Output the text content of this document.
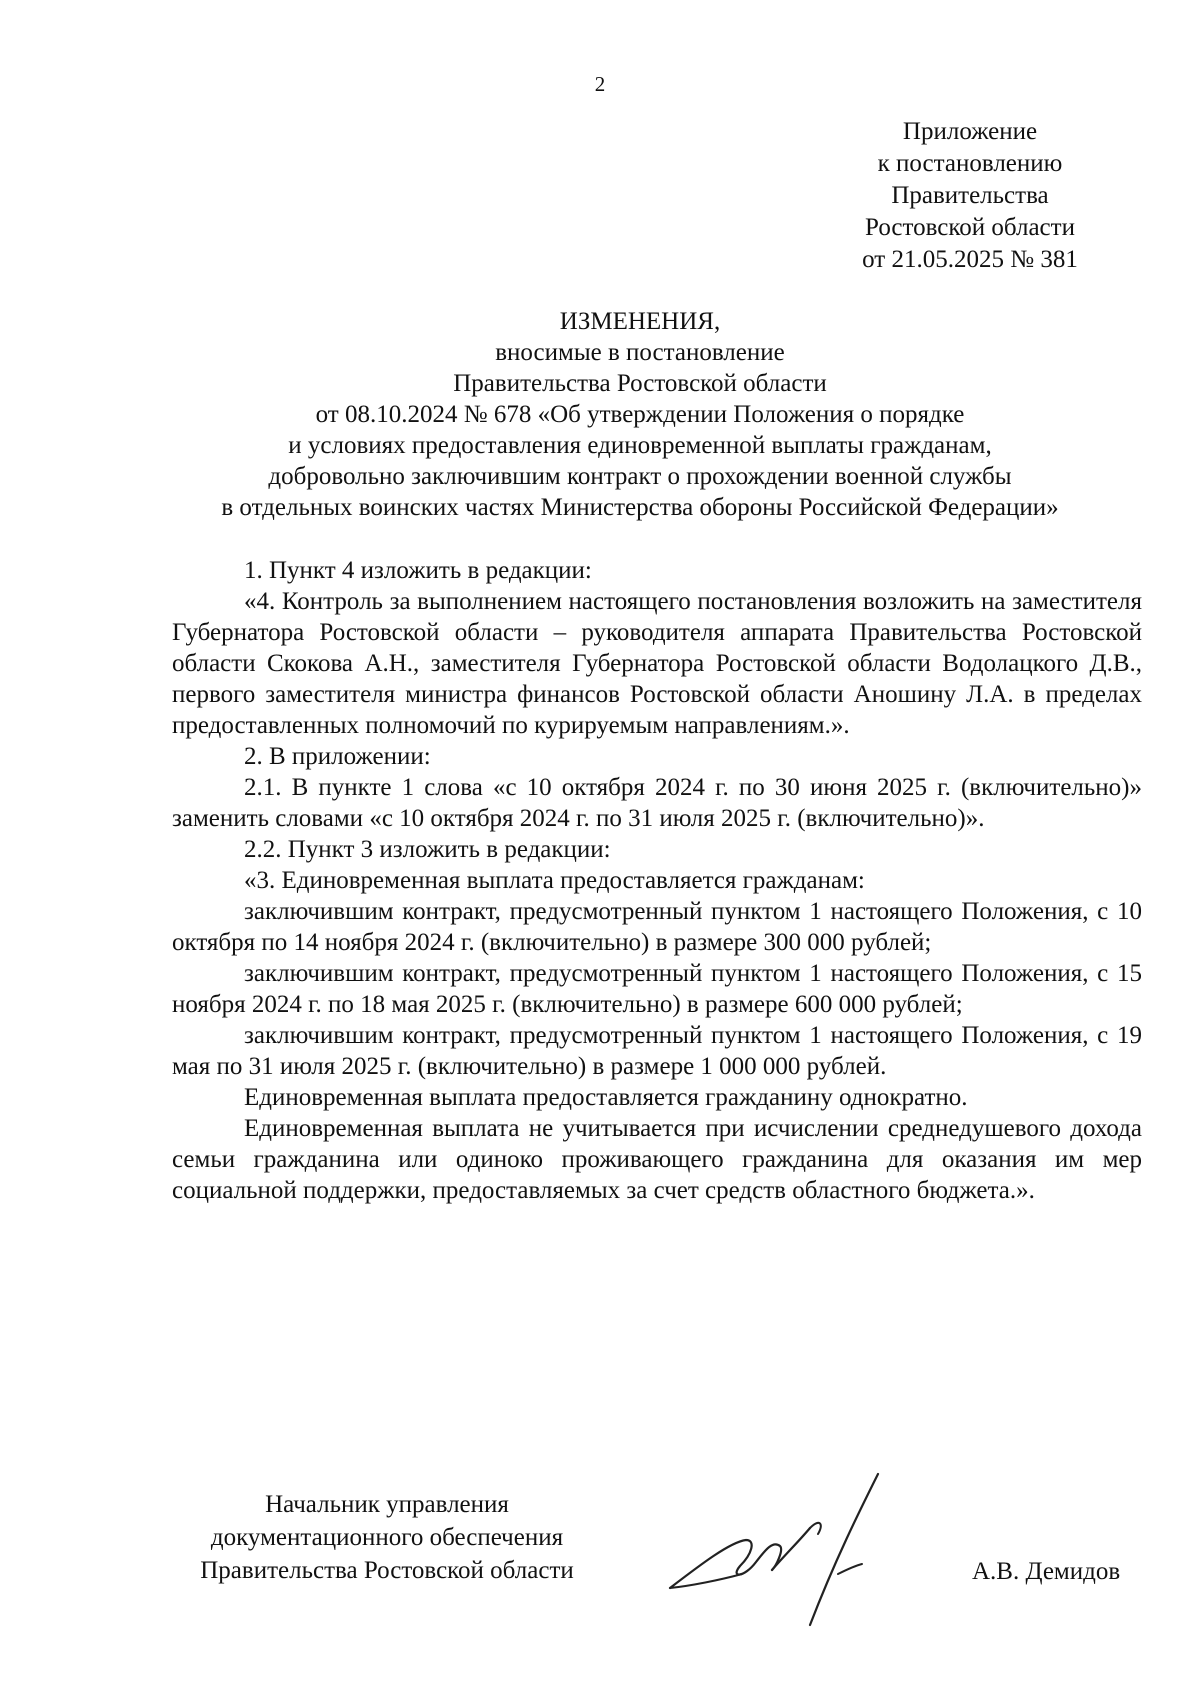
2
Приложение
к постановлению
Правительства
Ростовской области
от 21.05.2025 № 381
ИЗМЕНЕНИЯ,
вносимые в постановление
Правительства Ростовской области
от 08.10.2024 № 678 «Об утверждении Положения о порядке
и условиях предоставления единовременной выплаты гражданам,
добровольно заключившим контракт о прохождении военной службы
в отдельных воинских частях Министерства обороны Российской Федерации»

1. Пункт 4 изложить в редакции:

«4. Контроль за выполнением настоящего постановления возложить на заместителя Губернатора Ростовской области – руководителя аппарата Правительства Ростовской области Скокова А.Н., заместителя Губернатора Ростовской области Водолацкого Д.В., первого заместителя министра финансов Ростовской области Аношину Л.А. в пределах предоставленных полномочий по курируемым направлениям.».

2. В приложении:

2.1. В пункте 1 слова «с 10 октября 2024 г. по 30 июня 2025 г. (включительно)» заменить словами «с 10 октября 2024 г. по 31 июля 2025 г. (включительно)».

2.2. Пункт 3 изложить в редакции:

«3. Единовременная выплата предоставляется гражданам:

заключившим контракт, предусмотренный пунктом 1 настоящего Положения, с 10 октября по 14 ноября 2024 г. (включительно) в размере 300 000 рублей;

заключившим контракт, предусмотренный пунктом 1 настоящего Положения, с 15 ноября 2024 г. по 18 мая 2025 г. (включительно) в размере 600 000 рублей;

заключившим контракт, предусмотренный пунктом 1 настоящего Положения, с 19 мая по 31 июля 2025 г. (включительно) в размере 1 000 000 рублей.

Единовременная выплата предоставляется гражданину однократно.

Единовременная выплата не учитывается при исчислении среднедушевого дохода семьи гражданина или одиноко проживающего гражданина для оказания им мер социальной поддержки, предоставляемых за счет средств областного бюджета.».

Начальник управления
документационного обеспечения
Правительства Ростовской области	А.В. Демидов
